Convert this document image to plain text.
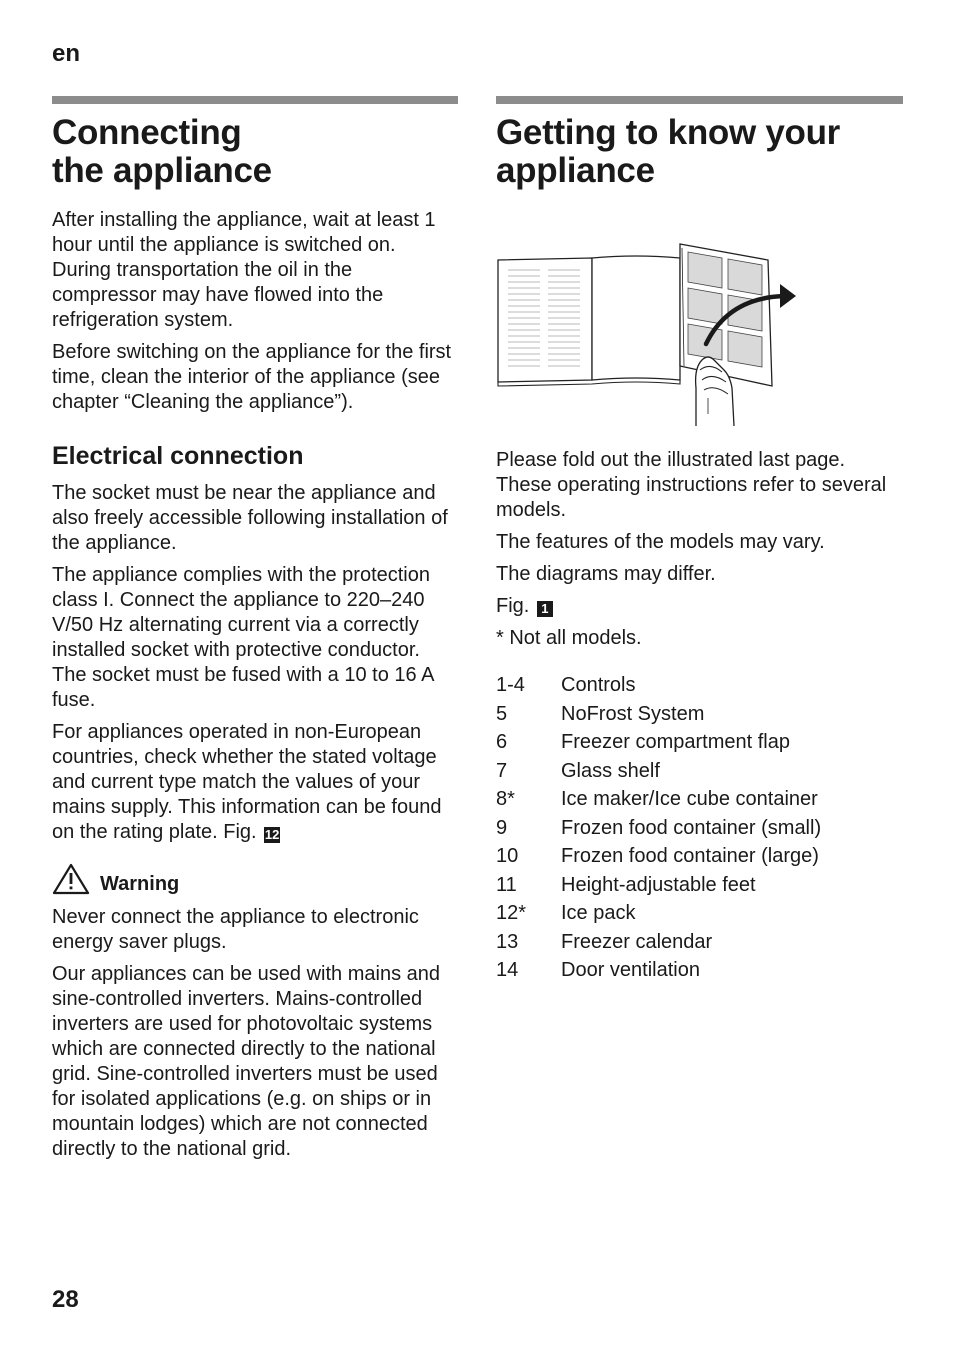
en
Connecting
the appliance

After installing the appliance, wait at least 1 hour until the appliance is switched on. During transportation the oil in the compressor may have flowed into the refrigeration system.

Before switching on the appliance for the first time, clean the interior of the appliance (see chapter “Cleaning the appliance”).

Electrical connection

The socket must be near the appliance and also freely accessible following installation of the appliance.

The appliance complies with the protection class I. Connect the appliance to 220–240 V/50 Hz alternating current via a correctly installed socket with protective conductor. The socket must be fused with a 10 to 16 A fuse.

For appliances operated in non-European countries, check whether the stated voltage and current type match the values of your mains supply. This information can be found on the rating plate. Fig. 12

Warning

Never connect the appliance to electronic energy saver plugs.

Our appliances can be used with mains and sine-controlled inverters. Mains-controlled inverters are used for photovoltaic systems which are connected directly to the national grid. Sine-controlled inverters must be used for isolated applications (e.g. on ships or in mountain lodges) which are not connected directly to the national grid.

Getting to know your
appliance

Please fold out the illustrated last page. These operating instructions refer to several models.

The features of the models may vary.

The diagrams may differ.

Fig. 1

* Not all models.

1-4	Controls
5	NoFrost System
6	Freezer compartment flap
7	Glass shelf
8*	Ice maker/Ice cube container
9	Frozen food container (small)
10	Frozen food container (large)
11	Height-adjustable feet
12*	Ice pack
13	Freezer calendar
14	Door ventilation
28
